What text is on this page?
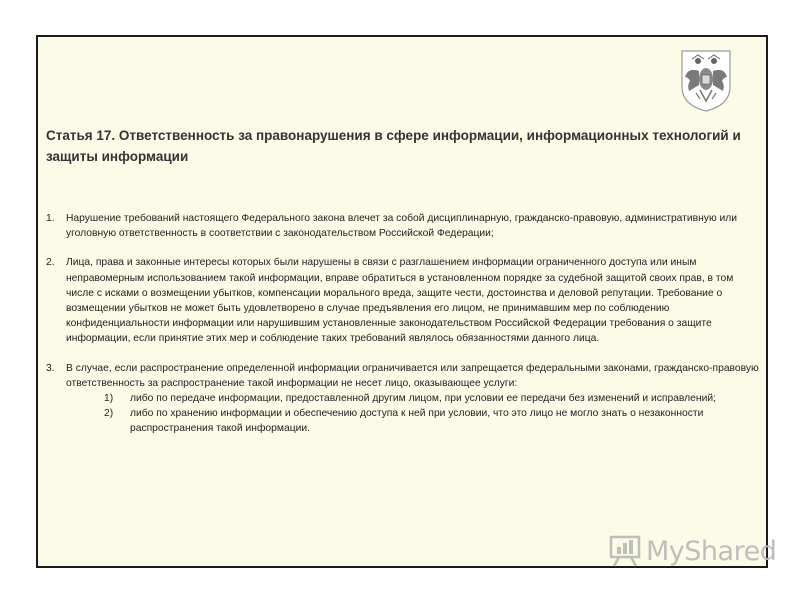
Статья 17. Ответственность за правонарушения в сфере информации, информационных технологий и защиты информации

1.	Нарушение требований настоящего Федерального закона влечет за собой дисциплинарную, гражданско-правовую, административную или уголовную ответственность в соответствии с законодательством Российской Федерации;
2.	Лица, права и законные интересы которых были нарушены в связи с разглашением информации ограниченного доступа или иным неправомерным использованием такой информации, вправе обратиться в установленном порядке за судебной защитой своих прав, в том числе с исками о возмещении убытков, компенсации морального вреда, защите чести, достоинства и деловой репутации. Требование о возмещении убытков не может быть удовлетворено в случае предъявления его лицом, не принимавшим мер по соблюдению конфиденциальности информации или нарушившим установленные законодательством Российской Федерации требования о защите информации, если принятие этих мер и соблюдение таких требований являлось обязанностями данного лица.
3.	В случае, если распространение определенной информации ограничивается или запрещается федеральными законами, гражданско-правовую ответственность за распространение такой информации не несет лицо, оказывающее услуги:
1)	либо по передаче информации, предоставленной другим лицом, при условии ее передачи без изменений и исправлений;
2)	либо по хранению информации и обеспечению доступа к ней при условии, что это лицо не могло знать о незаконности распространения такой информации.
MyShared
